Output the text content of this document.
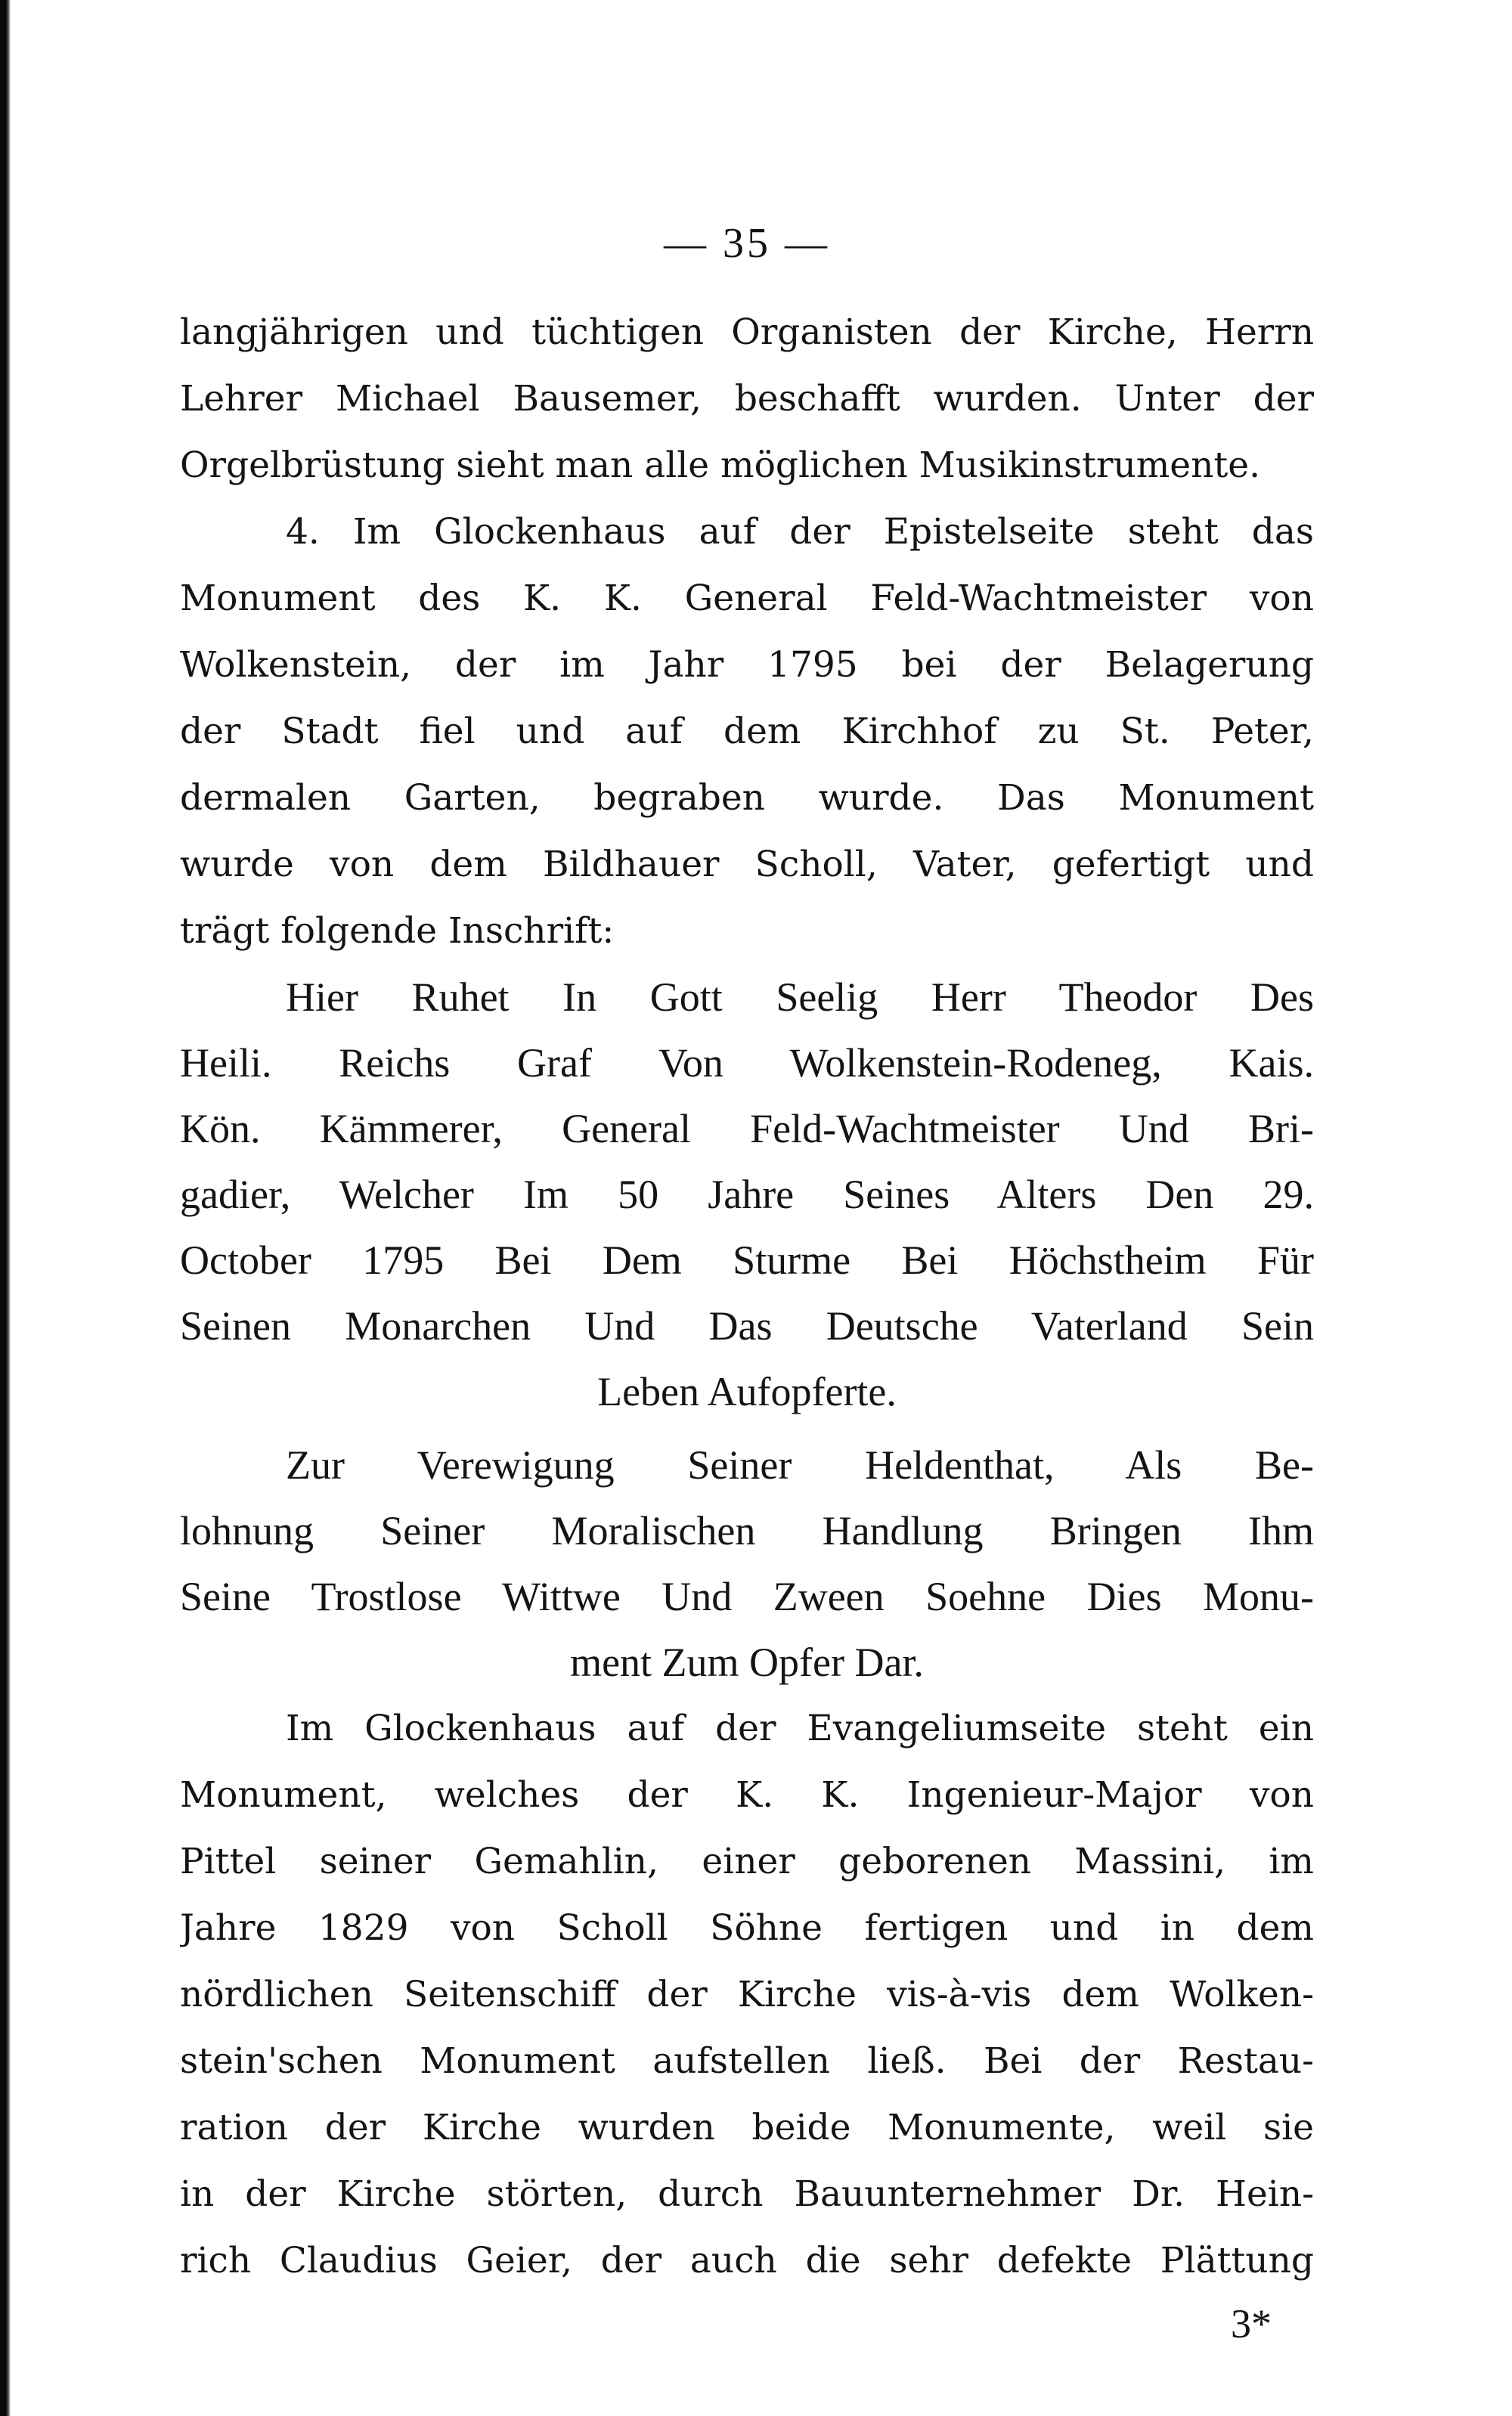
— 35 —
langjährigen und tüchtigen Organisten der Kirche, Herrn
Lehrer Michael Bausemer, beschafft wurden. Unter der
Orgelbrüstung sieht man alle möglichen Musikinstrumente.
4. Im Glockenhaus auf der Epistelseite steht das
Monument des K. K. General Feld-Wachtmeister von
Wolkenstein, der im Jahr 1795 bei der Belagerung
der Stadt fiel und auf dem Kirchhof zu St. Peter,
dermalen Garten, begraben wurde. Das Monument
wurde von dem Bildhauer Scholl, Vater, gefertigt und
trägt folgende Inschrift:
Hier Ruhet In Gott Seelig Herr Theodor Des
Heili. Reichs Graf Von Wolkenstein-Rodeneg, Kais.
Kön. Kämmerer, General Feld-Wachtmeister Und Bri-
gadier, Welcher Im 50 Jahre Seines Alters Den 29.
October 1795 Bei Dem Sturme Bei Höchstheim Für
Seinen Monarchen Und Das Deutsche Vaterland Sein
Leben Aufopferte.
Zur Verewigung Seiner Heldenthat, Als Be-
lohnung Seiner Moralischen Handlung Bringen Ihm
Seine Trostlose Wittwe Und Zween Soehne Dies Monu-
ment Zum Opfer Dar.
Im Glockenhaus auf der Evangeliumseite steht ein
Monument, welches der K. K. Ingenieur-Major von
Pittel seiner Gemahlin, einer geborenen Massini, im
Jahre 1829 von Scholl Söhne fertigen und in dem
nördlichen Seitenschiff der Kirche vis-à-vis dem Wolken-
stein'schen Monument aufstellen ließ. Bei der Restau-
ration der Kirche wurden beide Monumente, weil sie
in der Kirche störten, durch Bauunternehmer Dr. Hein-
rich Claudius Geier, der auch die sehr defekte Plättung
3*
